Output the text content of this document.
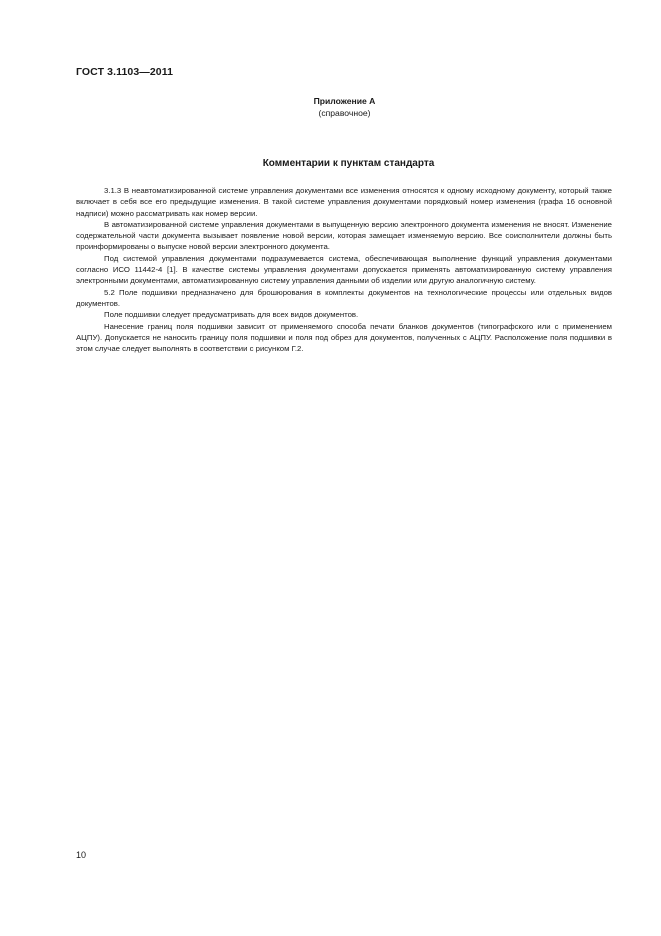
ГОСТ 3.1103—2011
Приложение А
(справочное)
Комментарии к пунктам стандарта

3.1.3 В неавтоматизированной системе управления документами все изменения относятся к одному исходному документу, который также включает в себя все его предыдущие изменения. В такой системе управления документами порядковый номер изменения (графа 16 основной надписи) можно рассматривать как номер версии.

В автоматизированной системе управления документами в выпущенную версию электронного документа изменения не вносят. Изменение содержательной части документа вызывает появление новой версии, которая замещает изменяемую версию. Все соисполнители должны быть проинформированы о выпуске новой версии электронного документа.

Под системой управления документами подразумевается система, обеспечивающая выполнение функций управления документами согласно ИСО 11442-4 [1]. В качестве системы управления документами допускается применять автоматизированную систему управления электронными документами, автоматизированную систему управления данными об изделии или другую аналогичную систему.

5.2 Поле подшивки предназначено для брошюрования в комплекты документов на технологические процессы или отдельных видов документов.

Поле подшивки следует предусматривать для всех видов документов.

Нанесение границ поля подшивки зависит от применяемого способа печати бланков документов (типографского или с применением АЦПУ). Допускается не наносить границу поля подшивки и поля под обрез для документов, полученных с АЦПУ. Расположение поля подшивки в этом случае следует выполнять в соответствии с рисунком Г.2.

10
